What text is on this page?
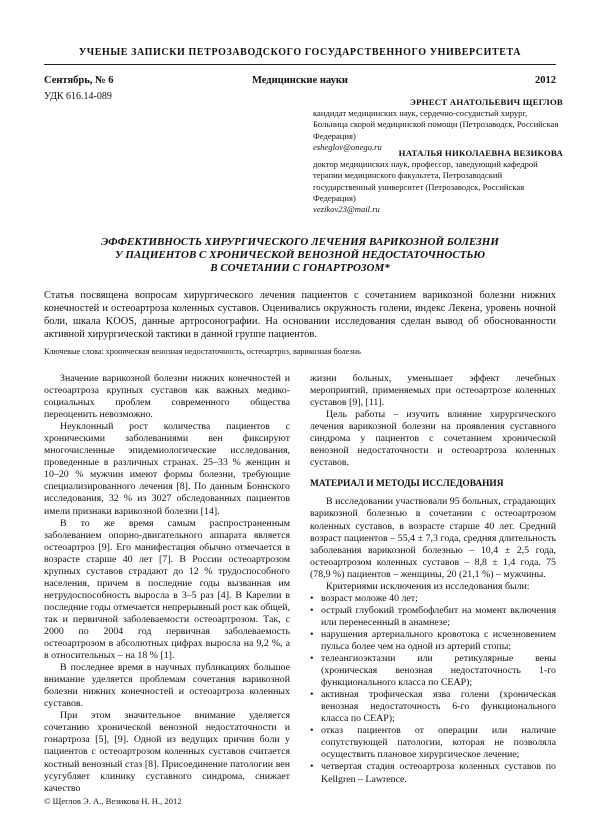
УЧЕНЫЕ ЗАПИСКИ ПЕТРОЗАВОДСКОГО ГОСУДАРСТВЕННОГО УНИВЕРСИТЕТА
Сентябрь, № 6	Медицинские науки	2012
УДК 616.14-089	ЭРНЕСТ АНАТОЛЬЕВИЧ ЩЕГЛОВ
кандидат медицинских наук, сердечно-сосудистый хирург, Больница скорой медицинской помощи (Петрозаводск, Российская Федерация)
esheglov@onego.ru
НАТАЛЬЯ НИКОЛАЕВНА ВЕЗИКОВА
доктор медицинских наук, профессор, заведующий кафедрой терапии медицинского факультета, Петрозаводский государственный университет (Петрозаводск, Российская Федерация)
vezikov23@mail.ru
ЭФФЕКТИВНОСТЬ ХИРУРГИЧЕСКОГО ЛЕЧЕНИЯ ВАРИКОЗНОЙ БОЛЕЗНИ
У ПАЦИЕНТОВ С ХРОНИЧЕСКОЙ ВЕНОЗНОЙ НЕДОСТАТОЧНОСТЬЮ
В СОЧЕТАНИИ С ГОНАРТРОЗОМ*
Статья посвящена вопросам хирургического лечения пациентов с сочетанием варикозной болезни нижних конечностей и остеоартроза коленных суставов. Оценивались окружность голени, индекс Лекена, уровень ночной боли, шкала KOOS, данные артросонографии. На основании исследования сделан вывод об обоснованности активной хирургической тактики в данной группе пациентов.
Ключевые слова: хроническая венозная недостаточность, остеоартроз, варикозная болезнь

Значение варикозной болезни нижних конечностей и остеоартроза крупных суставов как важных медико-социальных проблем современного общества переоценить невозможно.

Неуклонный рост количества пациентов с хроническими заболеваниями вен фиксируют многочисленные эпидемиологические исследования, проведенные в различных странах. 25–33 % женщин и 10–20 % мужчин имеют формы болезни, требующие специализированного лечения [8]. По данным Боннского исследования, 32 % из 3027 обследованных пациентов имели признаки варикозной болезни [14].

В то же время самым распространенным заболеванием опорно-двигательного аппарата является остеоартроз [9]. Его манифестация обычно отмечается в возрасте старше 40 лет [7]. В России остеоартрозом крупных суставов страдают до 12 % трудоспособного населения, причем в последние годы вызванная им нетрудоспособность выросла в 3–5 раз [4]. В Карелии в последние годы отмечается непрерывный рост как общей, так и первичной заболеваемости остеоартрозом. Так, с 2000 по 2004 год первичная заболеваемость остеоартрозом в абсолютных цифрах выросла на 9,2 %, а в относительных – на 18 % [1].

В последнее время в научных публикациях большое внимание уделяется проблемам сочетания варикозной болезни нижних конечностей и остеоартроза коленных суставов.

При этом значительное внимание уделяется сочетанию хронической венозной недостаточности и гонартроза [5], [9]. Одной из ведущих причин боли у пациентов с остеоартрозом коленных суставов считается костный венозный стаз [8]. Присоединение патологии вен усугубляет клинику суставного синдрома, снижает качество

жизни больных, уменьшает эффект лечебных мероприятий, применяемых при остеоартрозе коленных суставов [9], [11].

Цель работы – изучить влияние хирургического лечения варикозной болезни на проявления суставного синдрома у пациентов с сочетанием хронической венозной недостаточности и остеоартроза коленных суставов.

МАТЕРИАЛ И МЕТОДЫ ИССЛЕДОВАНИЯ

В исследовании участвовали 95 больных, страдающих варикозной болезнью в сочетании с остеоартрозом коленных суставов, в возрасте старше 40 лет. Средний возраст пациентов – 55,4 ± 7,3 года, средняя длительность заболевания варикозной болезнью – 10,4 ± 2,5 года, остеоартрозом коленных суставов – 8,8 ± 1,4 года. 75 (78,9 %) пациентов – женщины, 20 (21,1 %) – мужчины.

Критериями исключения из исследования были:

• возраст моложе 40 лет;
• острый глубокий тромбофлебит на момент включения или перенесенный в анамнезе;
• нарушения артериального кровотока с исчезновением пульса более чем на одной из артерий стопы;
• телеангиоэктазии или ретикулярные вены (хроническая венозная недостаточность 1-го функционального класса по CEAP);
• активная трофическая язва голени (хроническая венозная недостаточность 6-го функционального класса по CEAP);
• отказ пациентов от операции или наличие сопутствующей патологии, которая не позволяла осуществить плановое хирургическое лечение;
• четвертая стадия остеоартроза коленных суставов по Kellgren – Lawrence.
© Щеглов Э. А., Везикова Н. Н., 2012
